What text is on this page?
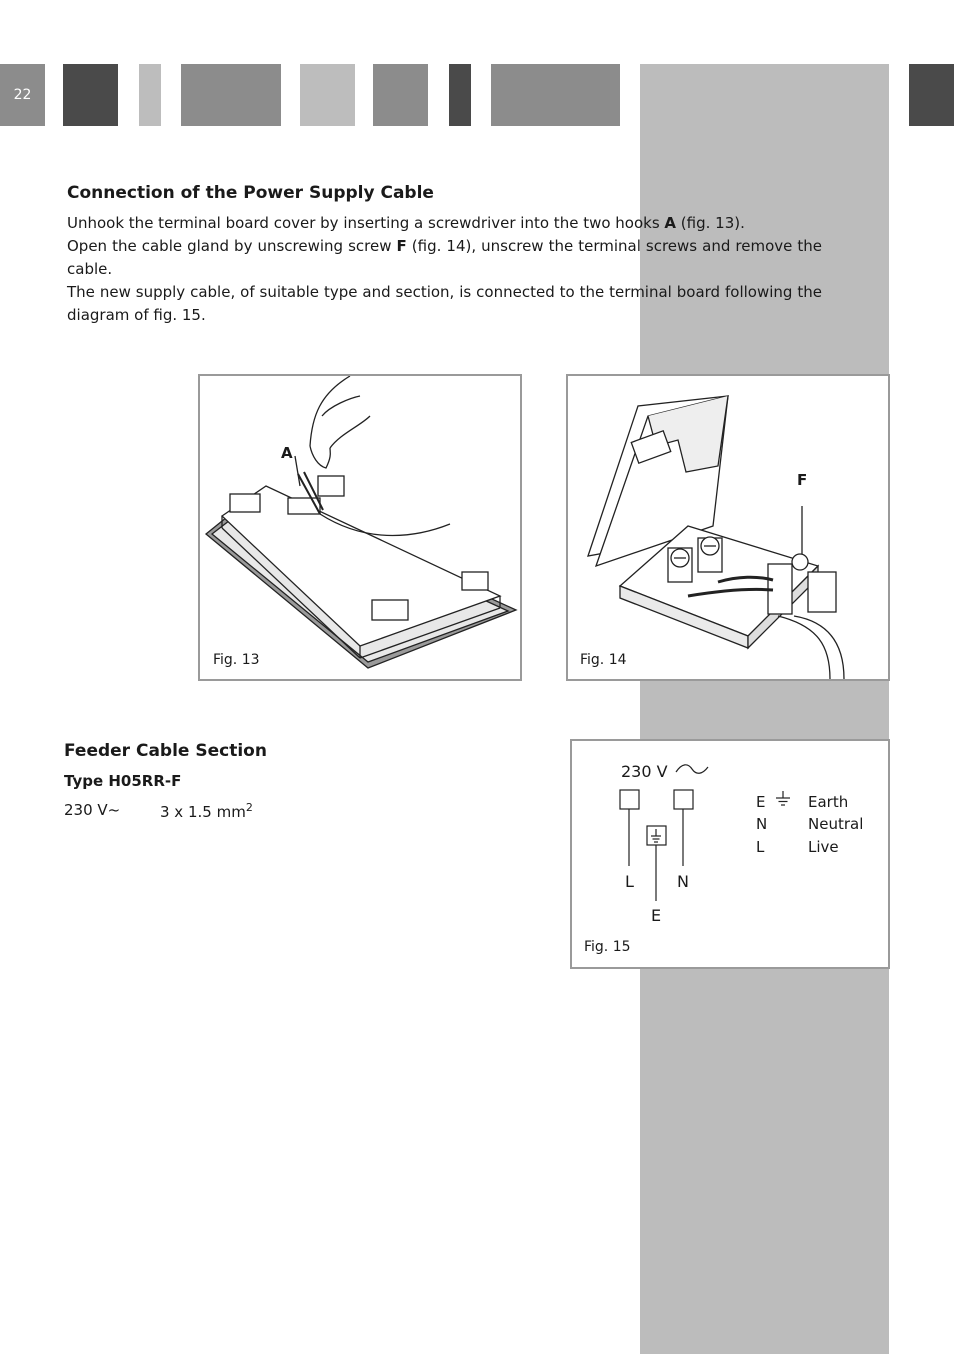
22
Connection of the Power Supply Cable

Unhook the terminal board cover by inserting a screwdriver into the two hooks A (fig. 13).

Open the cable gland by unscrewing screw F (fig. 14), unscrew the terminal screws and remove the cable.

The new supply cable, of suitable type and section, is connected to the terminal board following the diagram of fig. 15.

A
Fig. 13
F
Fig. 14
Feeder Cable Section
Type H05RR-F
230 V~	3 x 1.5 $mm^2$
230 V
L	N
E
E	Earth
N	Neutral
L	Live
Fig. 15
